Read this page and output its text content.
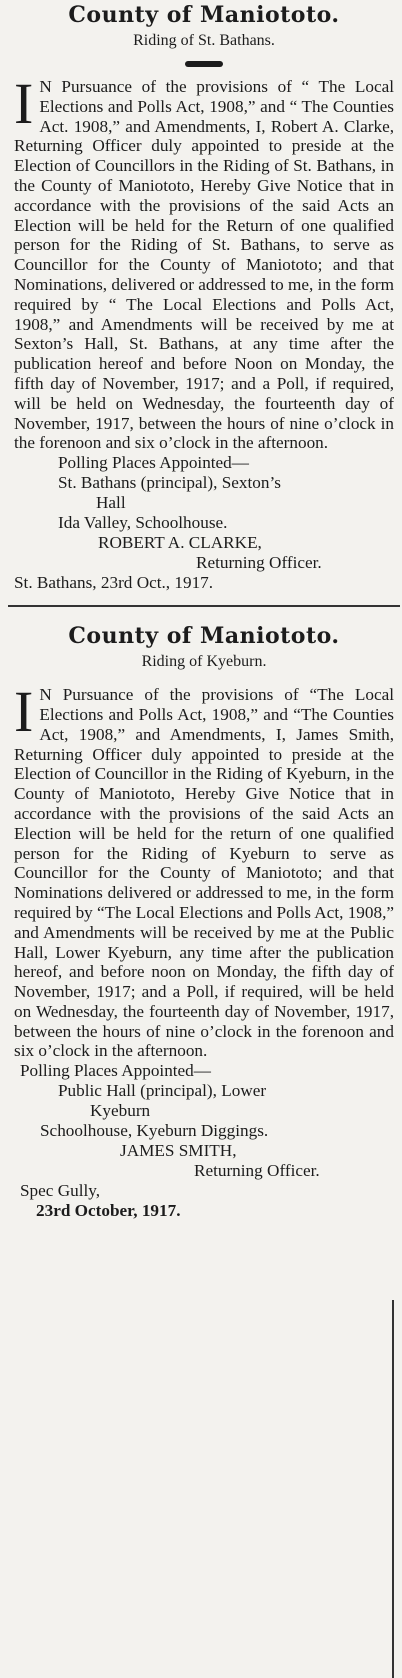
County of Maniototo.
Riding of St. Bathans.

I N Pursuance of the provisions of “ The Local Elections and Polls Act, 1908,” and “ The Counties Act. 1908,” and Amendments, I, Robert A. Clarke, Returning Officer duly appointed to preside at the Election of Councillors in the Riding of St. Bathans, in the County of Maniototo, Hereby Give Notice that in accordance with the provisions of the said Acts an Election will be held for the Return of one qualified person for the Riding of St. Bathans, to serve as Councillor for the County of Maniototo; and that Nominations, delivered or addressed to me, in the form required by “ The Local Elections and Polls Act, 1908,” and Amendments will be received by me at Sexton’s Hall, St. Bathans, at any time after the publication hereof and before Noon on Monday, the fifth day of November, 1917; and a Poll, if required, will be held on Wednesday, the fourteenth day of November, 1917, between the hours of nine o’clock in the forenoon and six o’clock in the afternoon.

Polling Places Appointed—
St. Bathans (principal), Sexton’s
Hall
Ida Valley, Schoolhouse.
ROBERT A. CLARKE,
Returning Officer.
St. Bathans, 23rd Oct., 1917.
County of Maniototo.
Riding of Kyeburn.

I N Pursuance of the provisions of “The Local Elections and Polls Act, 1908,” and “The Counties Act, 1908,” and Amendments, I, James Smith, Returning Officer duly appointed to preside at the Election of Councillor in the Riding of Kyeburn, in the County of Maniototo, Hereby Give Notice that in accordance with the provisions of the said Acts an Election will be held for the return of one qualified person for the Riding of Kyeburn to serve as Councillor for the County of Maniototo; and that Nominations delivered or addressed to me, in the form required by “The Local Elections and Polls Act, 1908,” and Amendments will be received by me at the Public Hall, Lower Kyeburn, any time after the publication hereof, and before noon on Monday, the fifth day of November, 1917; and a Poll, if required, will be held on Wednesday, the fourteenth day of November, 1917, between the hours of nine o’clock in the forenoon and six o’clock in the afternoon.

Polling Places Appointed—
Public Hall (principal), Lower
Kyeburn
Schoolhouse, Kyeburn Diggings.
JAMES SMITH,
Returning Officer.
Spec Gully,
23rd October, 1917.
